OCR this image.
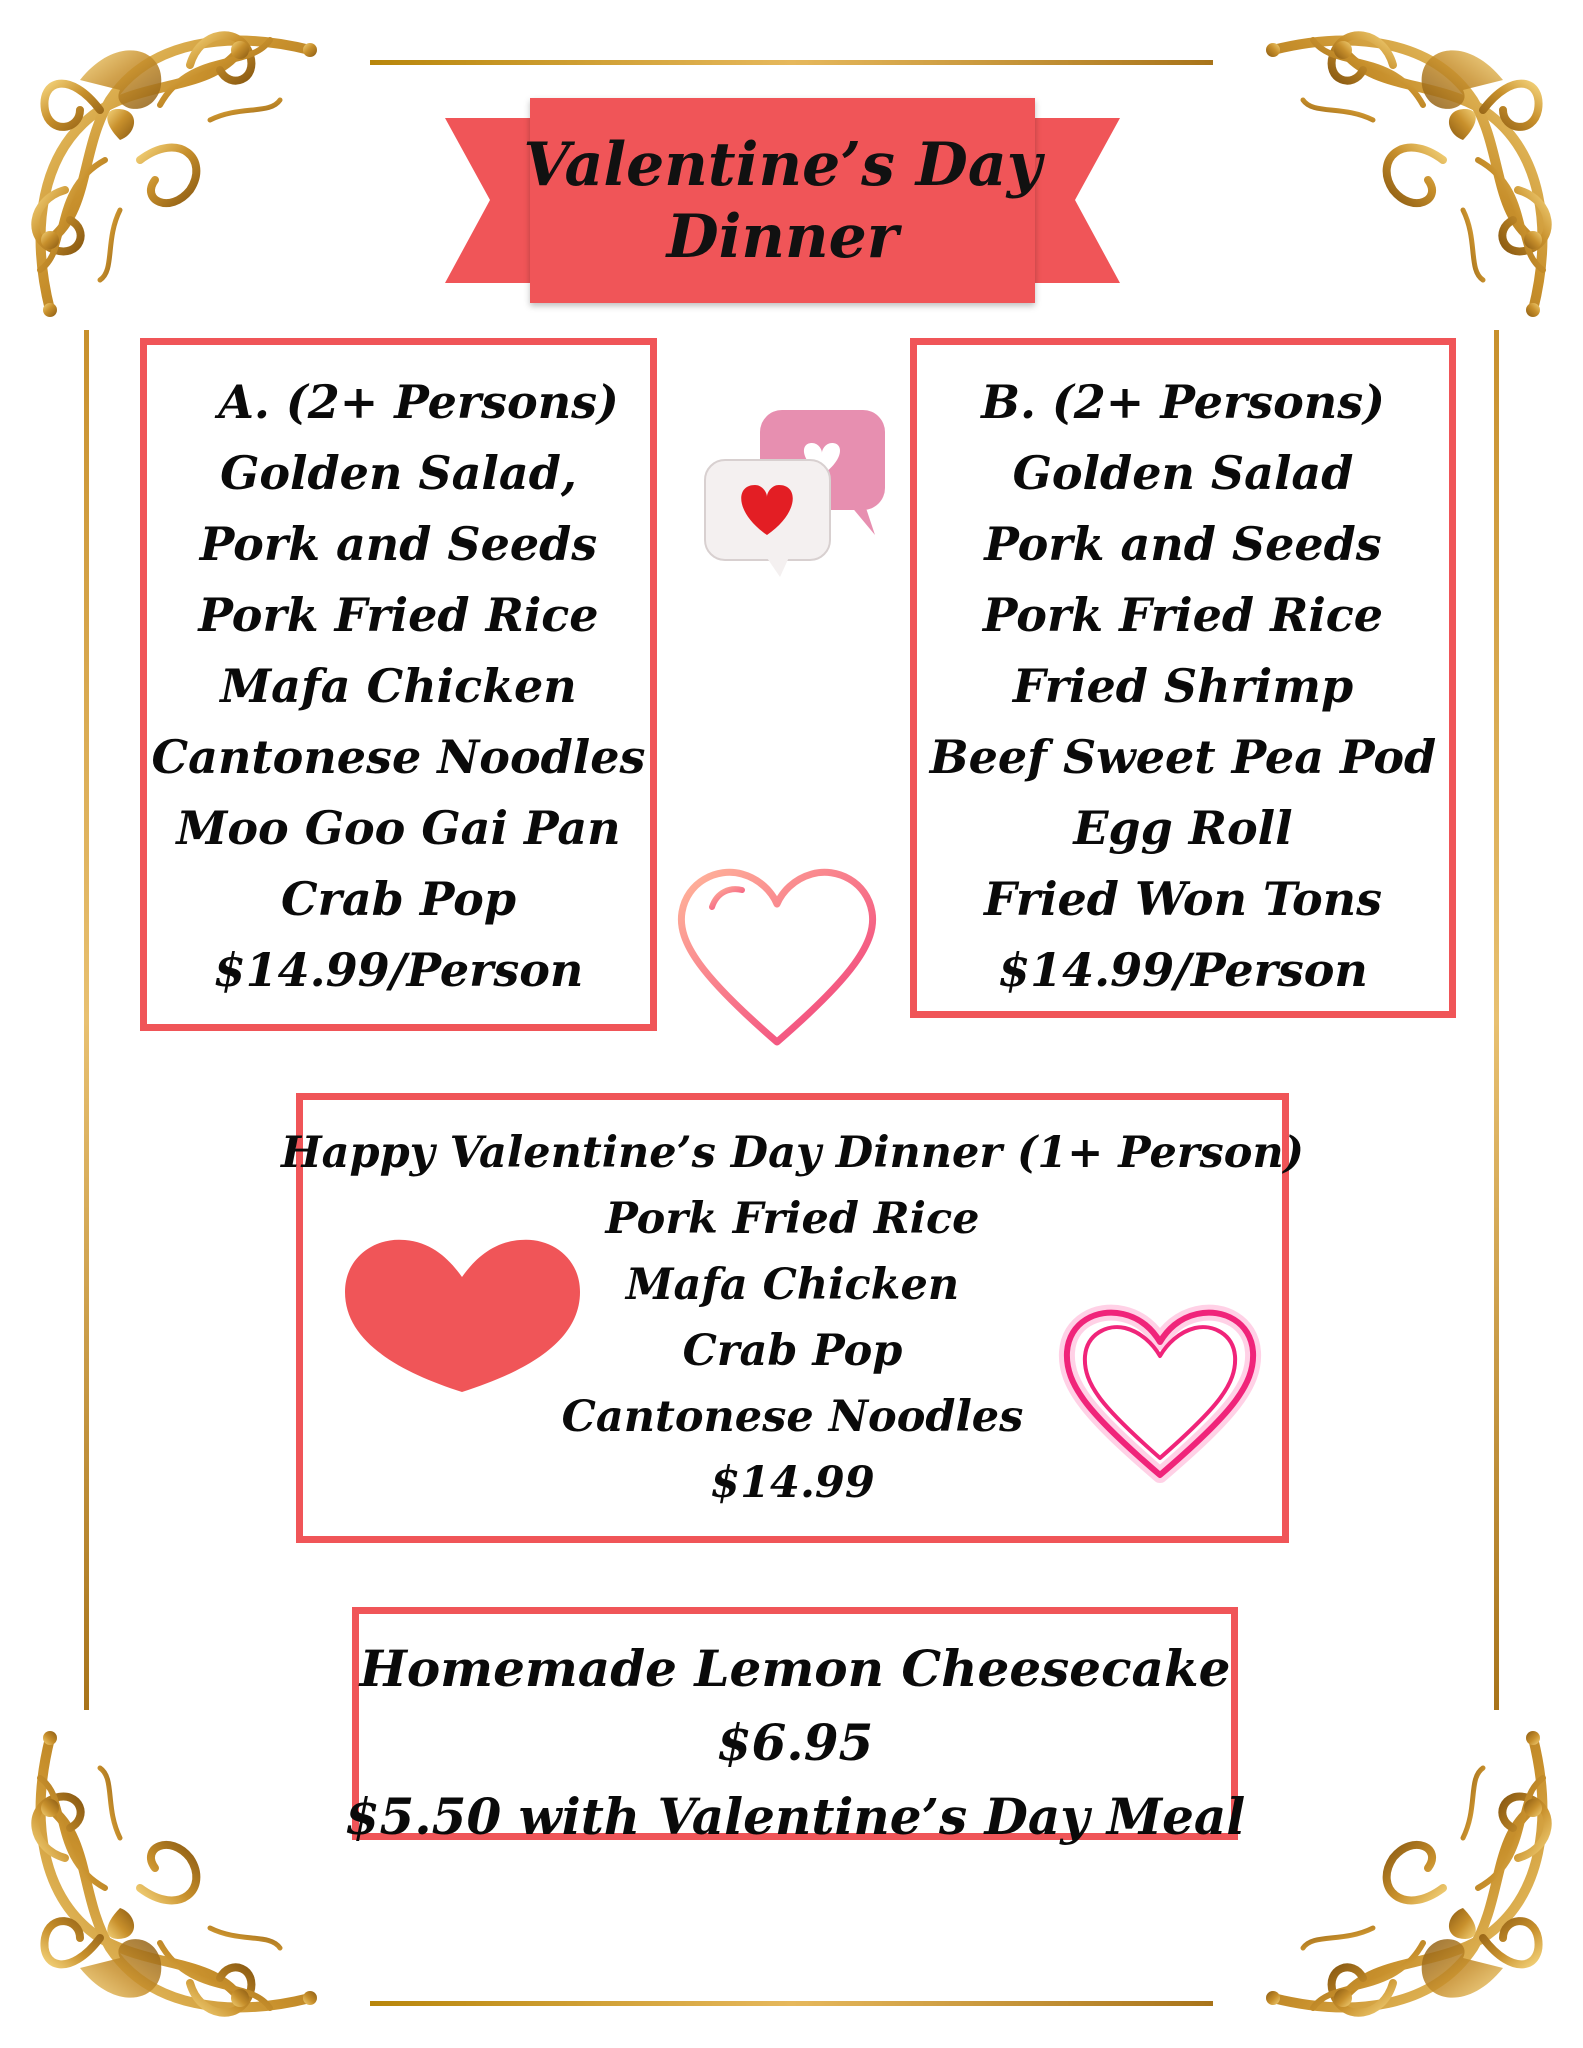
Valentine’s Day
Dinner
A. (2+ Persons)
Golden Salad,
Pork and Seeds
Pork Fried Rice
Mafa Chicken
Cantonese Noodles
Moo Goo Gai Pan
Crab Pop
$14.99/Person
B. (2+ Persons)
Golden Salad
Pork and Seeds
Pork Fried Rice
Fried Shrimp
Beef Sweet Pea Pod
Egg Roll
Fried Won Tons
$14.99/Person
Happy Valentine’s Day Dinner (1+ Person)
Pork Fried Rice
Mafa Chicken
Crab Pop
Cantonese Noodles
$14.99
Homemade Lemon Cheesecake
$6.95
$5.50 with Valentine’s Day Meal
